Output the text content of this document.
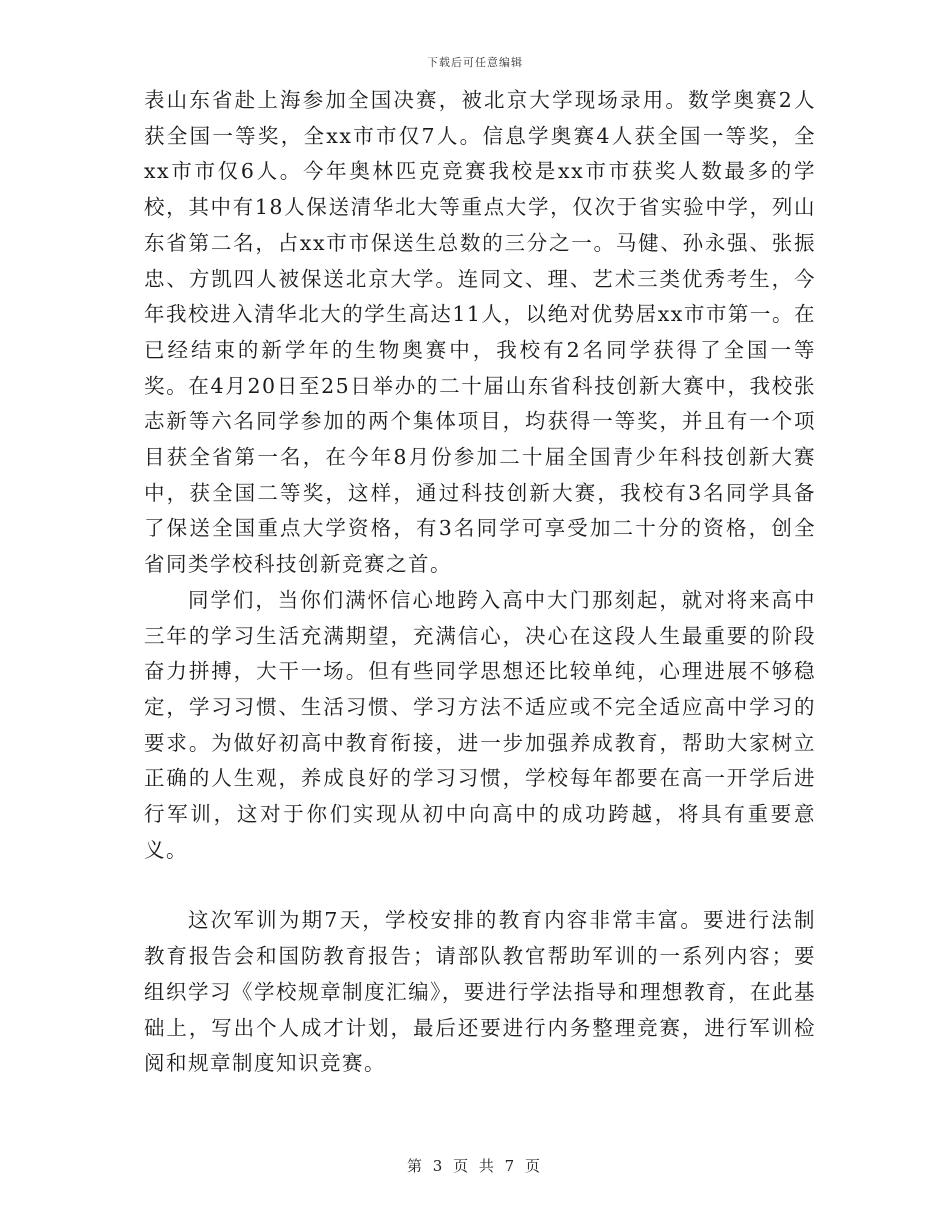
下载后可任意编辑

表山东省赴上海参加全国决赛，被北京大学现场录用。数学奥赛2人获全国一等奖，全xx市市仅7人。信息学奥赛4人获全国一等奖，全xx市市仅6人。今年奥林匹克竞赛我校是xx市市获奖人数最多的学校，其中有18人保送清华北大等重点大学，仅次于省实验中学，列山东省第二名，占xx市市保送生总数的三分之一。马健、孙永强、张振忠、方凯四人被保送北京大学。连同文、理、艺术三类优秀考生，今年我校进入清华北大的学生高达11人，以绝对优势居xx市市第一。在已经结束的新学年的生物奥赛中，我校有2名同学获得了全国一等奖。在4月20日至25日举办的二十届山东省科技创新大赛中，我校张志新等六名同学参加的两个集体项目，均获得一等奖，并且有一个项目获全省第一名，在今年8月份参加二十届全国青少年科技创新大赛中，获全国二等奖，这样，通过科技创新大赛，我校有3名同学具备了保送全国重点大学资格，有3名同学可享受加二十分的资格，创全省同类学校科技创新竞赛之首。

同学们，当你们满怀信心地跨入高中大门那刻起，就对将来高中三年的学习生活充满期望，充满信心，决心在这段人生最重要的阶段奋力拼搏，大干一场。但有些同学思想还比较单纯，心理进展不够稳定，学习习惯、生活习惯、学习方法不适应或不完全适应高中学习的要求。为做好初高中教育衔接，进一步加强养成教育，帮助大家树立正确的人生观，养成良好的学习习惯，学校每年都要在高一开学后进行军训，这对于你们实现从初中向高中的成功跨越，将具有重要意义。

这次军训为期7天，学校安排的教育内容非常丰富。要进行法制教育报告会和国防教育报告；请部队教官帮助军训的一系列内容；要组织学习《学校规章制度汇编》，要进行学法指导和理想教育，在此基础上，写出个人成才计划，最后还要进行内务整理竞赛，进行军训检阅和规章制度知识竞赛。

第 3 页 共 7 页
